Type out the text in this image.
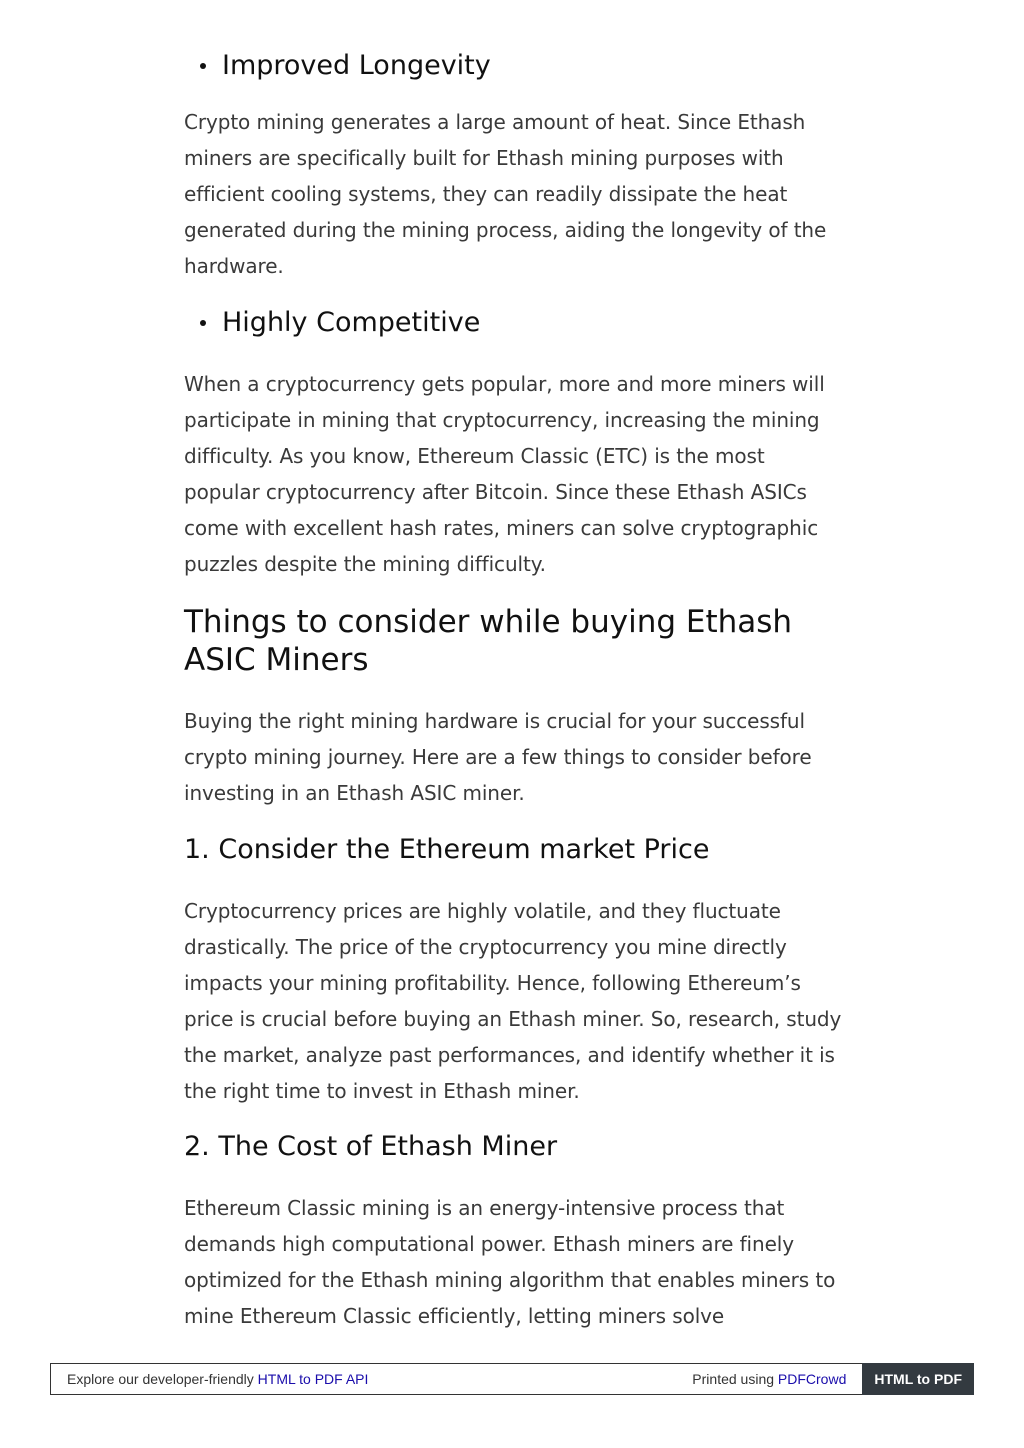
Improved Longevity

Crypto mining generates a large amount of heat. Since Ethash miners are specifically built for Ethash mining purposes with efficient cooling systems, they can readily dissipate the heat generated during the mining process, aiding the longevity of the hardware.

Highly Competitive

When a cryptocurrency gets popular, more and more miners will participate in mining that cryptocurrency, increasing the mining difficulty. As you know, Ethereum Classic (ETC) is the most popular cryptocurrency after Bitcoin. Since these Ethash ASICs come with excellent hash rates, miners can solve cryptographic puzzles despite the mining difficulty.

Things to consider while buying Ethash ASIC Miners

Buying the right mining hardware is crucial for your successful crypto mining journey. Here are a few things to consider before investing in an Ethash ASIC miner.

1. Consider the Ethereum market Price

Cryptocurrency prices are highly volatile, and they fluctuate drastically. The price of the cryptocurrency you mine directly impacts your mining profitability. Hence, following Ethereum’s price is crucial before buying an Ethash miner. So, research, study the market, analyze past performances, and identify whether it is the right time to invest in Ethash miner.

2. The Cost of Ethash Miner

Ethereum Classic mining is an energy-intensive process that demands high computational power. Ethash miners are finely optimized for the Ethash mining algorithm that enables miners to mine Ethereum Classic efficiently, letting miners solve

Explore our developer-friendly HTML to PDF API	Printed using PDFCrowd	HTML to PDF
